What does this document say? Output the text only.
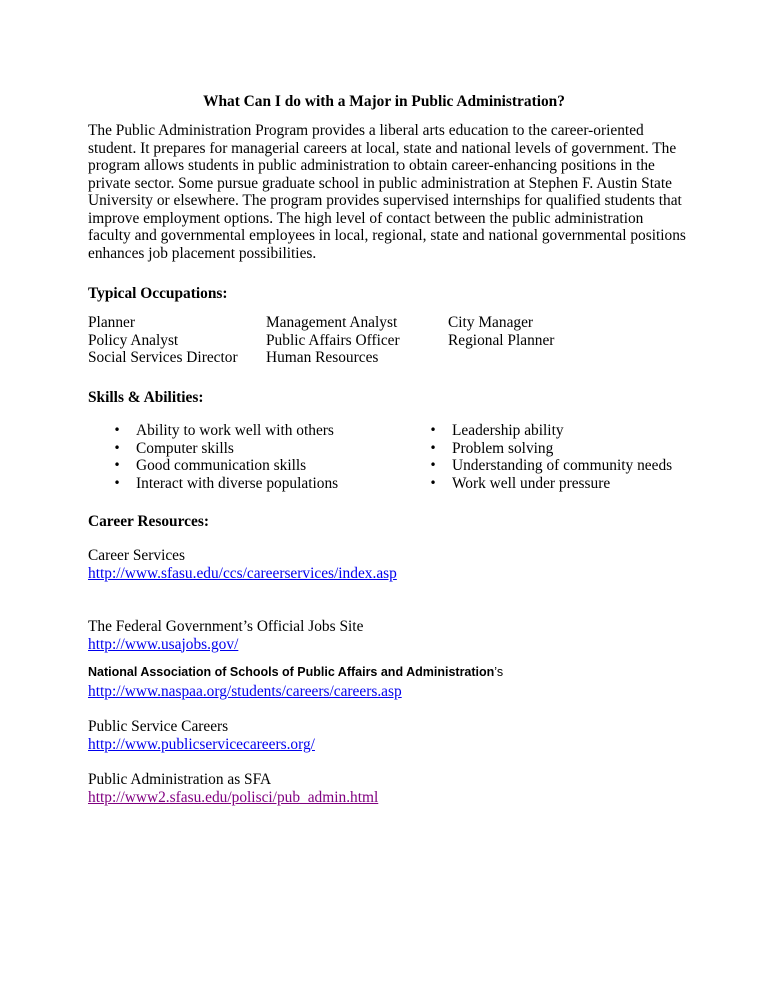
What Can I do with a Major in Public Administration?

The Public Administration Program provides a liberal arts education to the career-oriented student. It prepares for managerial careers at local, state and national levels of government. The program allows students in public administration to obtain career-enhancing positions in the private sector. Some pursue graduate school in public administration at Stephen F. Austin State University or elsewhere. The program provides supervised internships for qualified students that improve employment options. The high level of contact between the public administration faculty and governmental employees in local, regional, state and national governmental positions enhances job placement possibilities.

Typical Occupations:
Planner
Policy Analyst
Social Services Director
Management Analyst
Public Affairs Officer
Human Resources
City Manager
Regional Planner
Skills & Abilities:
• Ability to work well with others
• Computer skills
• Good communication skills
• Interact with diverse populations
• Leadership ability
• Problem solving
• Understanding of community needs
• Work well under pressure
Career Resources:
Career Services
http://www.sfasu.edu/ccs/careerservices/index.asp
The Federal Government’s Official Jobs Site
http://www.usajobs.gov/
National Association of Schools of Public Affairs and Administration’s
http://www.naspaa.org/students/careers/careers.asp
Public Service Careers
http://www.publicservicecareers.org/
Public Administration as SFA
http://www2.sfasu.edu/polisci/pub_admin.html
